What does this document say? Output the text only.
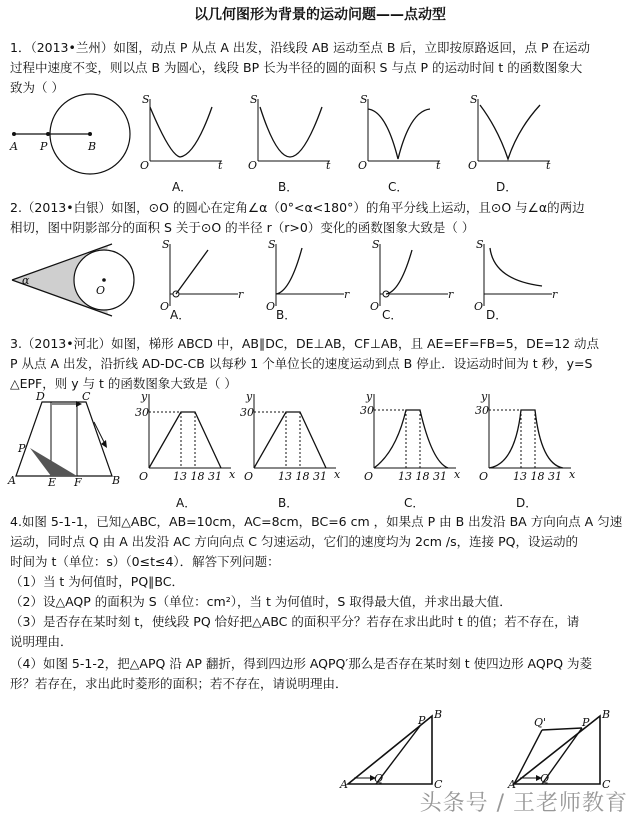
以几何图形为背景的运动问题——点动型
1．（2013•兰州）如图，动点 P 从点 A 出发，沿线段 AB 运动至点 B 后，立即按原路返回，点 P 在运动
过程中速度不变，则以点 B 为圆心，线段 BP 长为半径的圆的面积 S 与点 P 的运动时间 t 的函数图象大
致为（ ）
A P	B
S
O	t
S
O	t
S
O	t
S
O	t
A．	B．	C．	D．
2.（2013•白银）如图，⊙O 的圆心在定角∠α（0°<α<180°）的角平分线上运动，且⊙O 与∠α的两边
相切，图中阴影部分的面积 S 关于⊙O 的半径 r（r>0）变化的函数图象大致是（ ）
α
O
S
O
r
S
O
r
S
O
r
S
O
r
A．	B．	C．	D．
3.（2013•河北）如图，梯形 ABCD 中，AB∥DC，DE⊥AB，CF⊥AB，且 AE=EF=FB=5，DE=12 动点
P 从点 A 出发，沿折线 AD-DC-CB 以每秒 1 个单位长的速度运动到点 B 停止．设运动时间为 t 秒，y=S
△EPF，则 y 与 t 的函数图象大致是（ ）
A	E F	B
D	C
P
y
O	x
30
13 18 31
y
O	x
30
13 18 31
y
O	x
30
13 18 31
y
O	x
30
13 18 31
A．	B．	C．	D．
4.如图 5-1-1，已知△ABC，AB=10cm，AC=8cm，BC=6 cm ，如果点 P 由 B 出发沿 BA 方向向点 A 匀速
运动，同时点 Q 由 A 出发沿 AC 方向向点 C 匀速运动，它们的速度均为 2cm /s，连接 PQ，设运动的
时间为 t（单位：s）（0≤t≤4）．解答下列问题：
（1）当 t 为何值时，PQ∥BC．
（2）设△AQP 的面积为 S（单位：cm²），当 t 为何值时，S 取得最大值，并求出最大值．
（3）是否存在某时刻 t，使线段 PQ 恰好把△ABC 的面积平分？若存在求出此时 t 的值；若不存在，请
说明理由．
（4）如图 5-1-2，把△APQ 沿 AP 翻折，得到四边形 AQPQ′那么是否存在某时刻 t 使四边形 AQPQ 为菱
形？若存在，求出此时菱形的面积；若不存在，请说明理由．
A Q
P B
C	A Q
P
Q'
B
C
头条号 / 王老师教育
